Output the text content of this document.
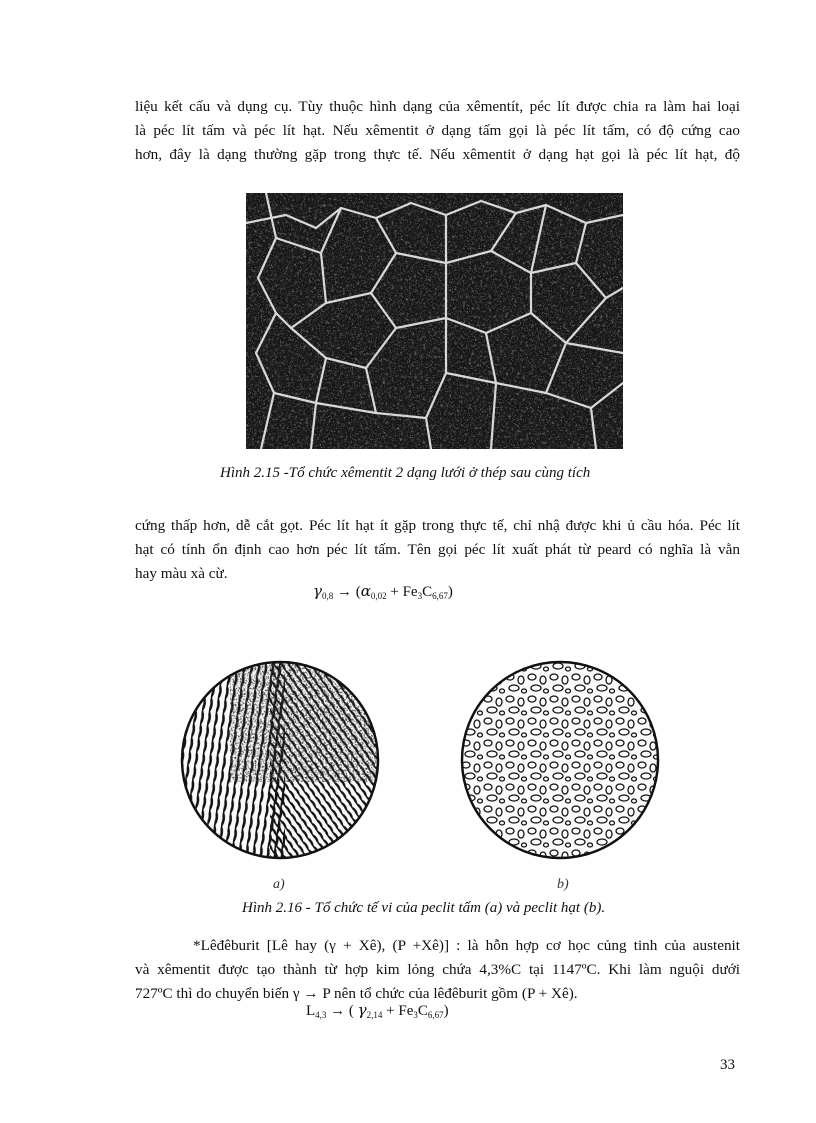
liệu kết cấu và dụng cụ. Tùy thuộc hình dạng của xêmentít, péc lít được chia ra làm hai loại
là péc lít tấm và péc lít hạt. Nếu xêmentit ở dạng tấm gọi là péc lít tấm, có độ cứng cao
hơn, đây là dạng thường gặp trong thực tế. Nếu xêmentit ở dạng hạt gọi là péc lít hạt, độ
Hình 2.15 -Tổ chức xêmentit 2 dạng lưới ở thép sau cùng tích
cứng thấp hơn, dễ cắt gọt. Péc lít hạt ít gặp trong thực tế, chỉ nhậ được khi ủ cầu hóa. Péc lít
hạt có tính ổn định cao hơn péc lít tấm. Tên gọi péc lít xuất phát từ peard có nghĩa là vằn
hay màu xà cừ.
$\gamma_{0,8} \to (\alpha_{0,02} + Fe_3C_{6,67})$
a)	b)
Hình 2.16 - Tổ chức tế vi của peclit tấm (a) và peclit hạt (b).
*Lêđêburit [Lê hay (γ + Xê), (P +Xê)] : là hỗn hợp cơ học củng tinh của austenit
và xêmentit được tạo thành từ hợp kim lỏng chứa 4,3%C tại 1147ºC. Khi làm nguội dưới
727ºC thì do chuyển biến γ → P nên tổ chức của lêđêburit gồm (P + Xê).
$L_{4,3}$ → ( $\gamma_{2,14} + Fe_3C_{6,67}$)
33
